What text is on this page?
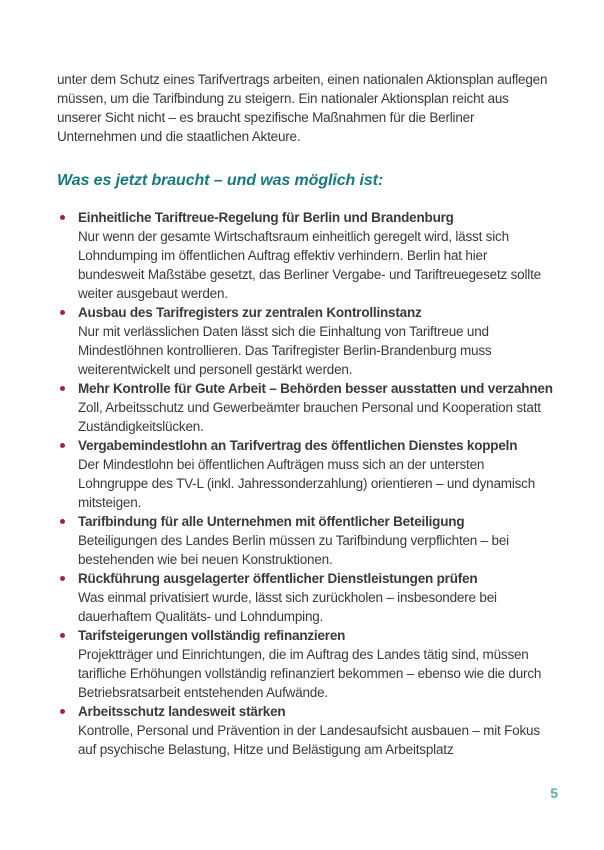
unter dem Schutz eines Tarifvertrags arbeiten, einen nationalen Aktionsplan auflegen müssen, um die Tarifbindung zu steigern. Ein nationaler Aktionsplan reicht aus unserer Sicht nicht – es braucht spezifische Maßnahmen für die Berliner Unternehmen und die staatlichen Akteure.

Was es jetzt braucht – und was möglich ist:
Einheitliche Tariftreue-Regelung für Berlin und Brandenburg
Nur wenn der gesamte Wirtschaftsraum einheitlich geregelt wird, lässt sich Lohndumping im öffentlichen Auftrag effektiv verhindern. Berlin hat hier bundesweit Maßstäbe gesetzt, das Berliner Vergabe- und Tariftreuegesetz sollte weiter ausgebaut werden.
Ausbau des Tarifregisters zur zentralen Kontrollinstanz
Nur mit verlässlichen Daten lässt sich die Einhaltung von Tariftreue und Mindestlöhnen kontrollieren. Das Tarifregister Berlin-Brandenburg muss weiterentwickelt und personell gestärkt werden.
Mehr Kontrolle für Gute Arbeit – Behörden besser ausstatten und verzahnen
Zoll, Arbeitsschutz und Gewerbeämter brauchen Personal und Kooperation statt Zuständigkeitslücken.
Vergabemindestlohn an Tarifvertrag des öffentlichen Dienstes koppeln
Der Mindestlohn bei öffentlichen Aufträgen muss sich an der untersten Lohngruppe des TV-L (inkl. Jahressonderzahlung) orientieren – und dynamisch mitsteigen.
Tarifbindung für alle Unternehmen mit öffentlicher Beteiligung
Beteiligungen des Landes Berlin müssen zu Tarifbindung verpflichten – bei bestehenden wie bei neuen Konstruktionen.
Rückführung ausgelagerter öffentlicher Dienstleistungen prüfen
Was einmal privatisiert wurde, lässt sich zurückholen – insbesondere bei dauerhaftem Qualitäts- und Lohndumping.
Tarifsteigerungen vollständig refinanzieren
Projektträger und Einrichtungen, die im Auftrag des Landes tätig sind, müssen tarifliche Erhöhungen vollständig refinanziert bekommen – ebenso wie die durch Betriebsratsarbeit entstehenden Aufwände.
Arbeitsschutz landesweit stärken
Kontrolle, Personal und Prävention in der Landesaufsicht ausbauen – mit Fokus auf psychische Belastung, Hitze und Belästigung am Arbeitsplatz
5
